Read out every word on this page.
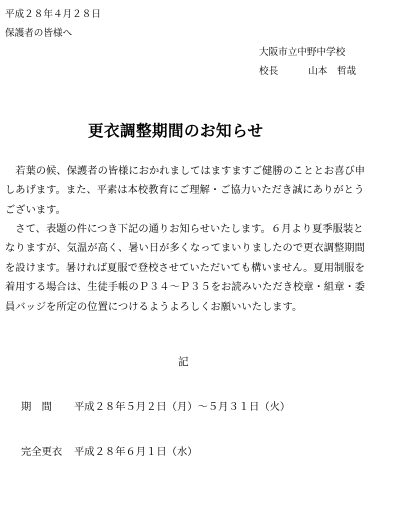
平成２８年４月２８日
保護者の皆様へ
大阪市立中野中学校
校長	山本　哲哉
更衣調整期間のお知らせ
　若葉の候、保護者の皆様におかれましてはますますご健勝のこととお喜び申
しあげます。また、平素は本校教育にご理解・ご協力いただき誠にありがとう
ございます。
　さて、表題の件につき下記の通りお知らせいたします。６月より夏季服装と
なりますが、気温が高く、暑い日が多くなってまいりましたので更衣調整期間
を設けます。暑ければ夏服で登校させていただいても構いません。夏用制服を
着用する場合は、生徒手帳のＰ３４～Ｐ３５をお読みいただき校章・組章・委
員バッジを所定の位置につけるようよろしくお願いいたします。
記
期　間 平成２８年５月２日（月）～５月３１日（火）
完全更衣 平成２８年６月１日（水）
